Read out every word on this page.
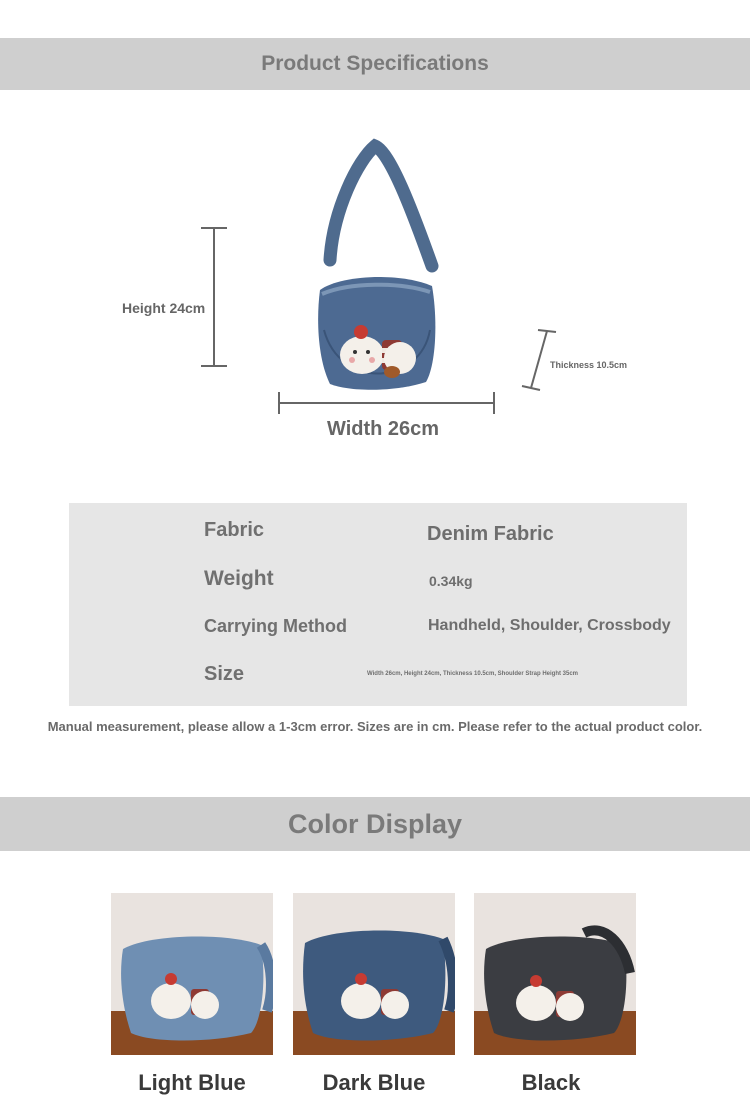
Product Specifications
Height 24cm
Width 26cm
Thickness 10.5cm
Fabric	Denim Fabric
Weight	0.34kg
Carrying Method	Handheld, Shoulder, Crossbody
Size	Width 26cm, Height 24cm, Thickness 10.5cm, Shoulder Strap Height 35cm
Manual measurement, please allow a 1-3cm error. Sizes are in cm. Please refer to the actual product color.
Color Display
Light Blue	Dark Blue	Black
